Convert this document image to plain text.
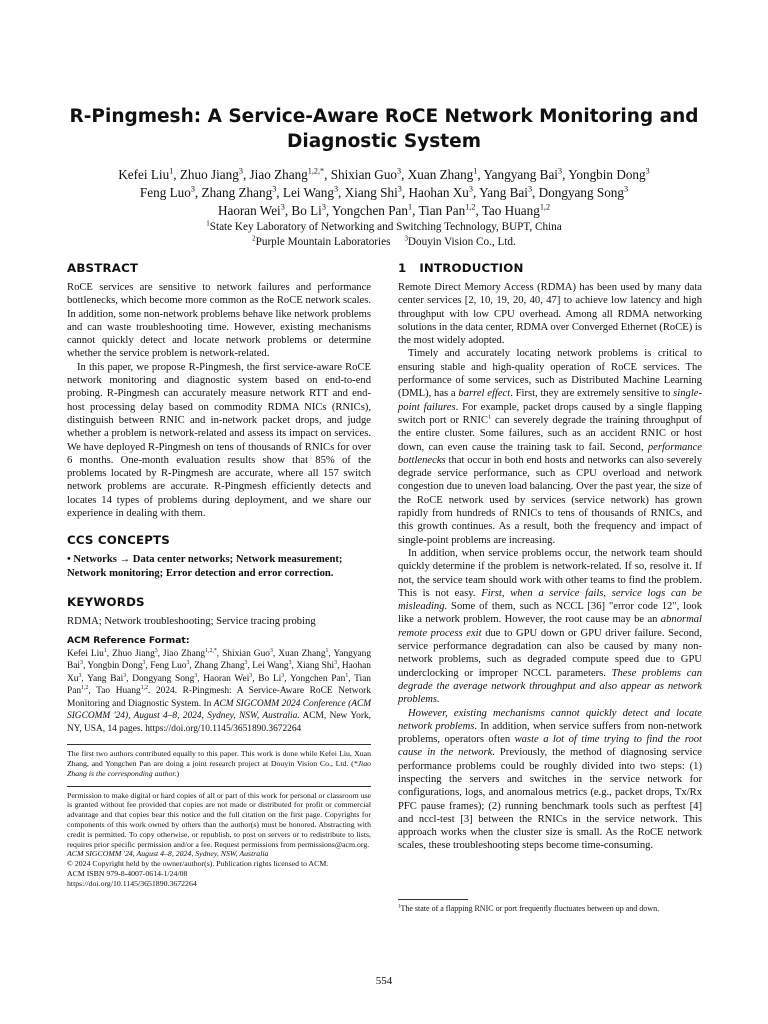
R-Pingmesh: A Service-Aware RoCE Network Monitoring and Diagnostic System
Kefei Liu$^1$, Zhuo Jiang$^3$, Jiao Zhang$^{1,2,*}$, Shixian Guo$^3$, Xuan Zhang$^1$, Yangyang Bai$^3$, Yongbin Dong$^3$
Feng Luo$^3$, Zhang Zhang$^3$, Lei Wang$^3$, Xiang Shi$^3$, Haohan Xu$^3$, Yang Bai$^3$, Dongyang Song$^3$
Haoran Wei$^3$, Bo Li$^3$, Yongchen Pan$^1$, Tian Pan$^{1,2}$, Tao Huang$^{1,2}$
$^1$State Key Laboratory of Networking and Switching Technology, BUPT, China
$^2$Purple Mountain Laboratories $^3$Douyin Vision Co., Ltd.
ABSTRACT

RoCE services are sensitive to network failures and performance bottlenecks, which become more common as the RoCE network scales. In addition, some non-network problems behave like network problems and can waste troubleshooting time. However, existing mechanisms cannot quickly detect and locate network problems or determine whether the service problem is network-related.

In this paper, we propose R-Pingmesh, the first service-aware RoCE network monitoring and diagnostic system based on end-to-end probing. R-Pingmesh can accurately measure network RTT and end-host processing delay based on commodity RDMA NICs (RNICs), distinguish between RNIC and in-network packet drops, and judge whether a problem is network-related and assess its impact on services. We have deployed R-Pingmesh on tens of thousands of RNICs for over 6 months. One-month evaluation results show that 85% of the problems located by R-Pingmesh are accurate, where all 157 switch network problems are accurate. R-Pingmesh efficiently detects and locates 14 types of problems during deployment, and we share our experience in dealing with them.

CCS CONCEPTS
• Networks → Data center networks; Network measurement; Network monitoring; Error detection and error correction.
KEYWORDS

RDMA; Network troubleshooting; Service tracing probing

ACM Reference Format:
Kefei Liu$^1$, Zhuo Jiang$^3$, Jiao Zhang$^{1,2,*}$, Shixian Guo$^3$, Xuan Zhang$^1$, Yangyang Bai$^3$, Yongbin Dong$^3$, Feng Luo$^3$, Zhang Zhang$^3$, Lei Wang$^3$, Xiang Shi$^3$, Haohan Xu$^3$, Yang Bai$^3$, Dongyang Song$^3$, Haoran Wei$^3$, Bo Li$^3$, Yongchen Pan$^1$, Tian Pan$^{1,2}$, Tao Huang$^{1,2}$. 2024. R-Pingmesh: A Service-Aware RoCE Network Monitoring and Diagnostic System. In ACM SIGCOMM 2024 Conference (ACM SIGCOMM '24), August 4–8, 2024, Sydney, NSW, Australia. ACM, New York, NY, USA, 14 pages. https://doi.org/10.1145/3651890.3672264
The first two authors contributed equally to this paper. This work is done while Kefei Liu, Xuan Zhang, and Yongchen Pan are doing a joint research project at Douyin Vision Co., Ltd. (*Jiao Zhang is the corresponding author.)
Permission to make digital or hard copies of all or part of this work for personal or classroom use is granted without fee provided that copies are not made or distributed for profit or commercial advantage and that copies bear this notice and the full citation on the first page. Copyrights for components of this work owned by others than the author(s) must be honored. Abstracting with credit is permitted. To copy otherwise, or republish, to post on servers or to redistribute to lists, requires prior specific permission and/or a fee. Request permissions from permissions@acm.org.
ACM SIGCOMM '24, August 4–8, 2024, Sydney, NSW, Australia
© 2024 Copyright held by the owner/author(s). Publication rights licensed to ACM.
ACM ISBN 979-8-4007-0614-1/24/08
https://doi.org/10.1145/3651890.3672264
1   INTRODUCTION

Remote Direct Memory Access (RDMA) has been used by many data center services [2, 10, 19, 20, 40, 47] to achieve low latency and high throughput with low CPU overhead. Among all RDMA networking solutions in the data center, RDMA over Converged Ethernet (RoCE) is the most widely adopted.

Timely and accurately locating network problems is critical to ensuring stable and high-quality operation of RoCE services. The performance of some services, such as Distributed Machine Learning (DML), has a barrel effect. First, they are extremely sensitive to single-point failures. For example, packet drops caused by a single flapping switch port or RNIC$^1$ can severely degrade the training throughput of the entire cluster. Some failures, such as an accident RNIC or host down, can even cause the training task to fail. Second, performance bottlenecks that occur in both end hosts and networks can also severely degrade service performance, such as CPU overload and network congestion due to uneven load balancing. Over the past year, the size of the RoCE network used by services (service network) has grown rapidly from hundreds of RNICs to tens of thousands of RNICs, and this growth continues. As a result, both the frequency and impact of single-point problems are increasing.

In addition, when service problems occur, the network team should quickly determine if the problem is network-related. If so, resolve it. If not, the service team should work with other teams to find the problem. This is not easy. First, when a service fails, service logs can be misleading. Some of them, such as NCCL [36] "error code 12", look like a network problem. However, the root cause may be an abnormal remote process exit due to GPU down or GPU driver failure. Second, service performance degradation can also be caused by many non-network problems, such as degraded compute speed due to GPU underclocking or improper NCCL parameters. These problems can degrade the average network throughput and also appear as network problems.

However, existing mechanisms cannot quickly detect and locate network problems. In addition, when service suffers from non-network problems, operators often waste a lot of time trying to find the root cause in the network. Previously, the method of diagnosing service performance problems could be roughly divided into two steps: (1) inspecting the servers and switches in the service network for configurations, logs, and anomalous metrics (e.g., packet drops, Tx/Rx PFC pause frames); (2) running benchmark tools such as perftest [4] and nccl-test [3] between the RNICs in the service network. This approach works when the cluster size is small. As the RoCE network scales, these troubleshooting steps become time-consuming.

$^1$The state of a flapping RNIC or port frequently fluctuates between up and down.
554
